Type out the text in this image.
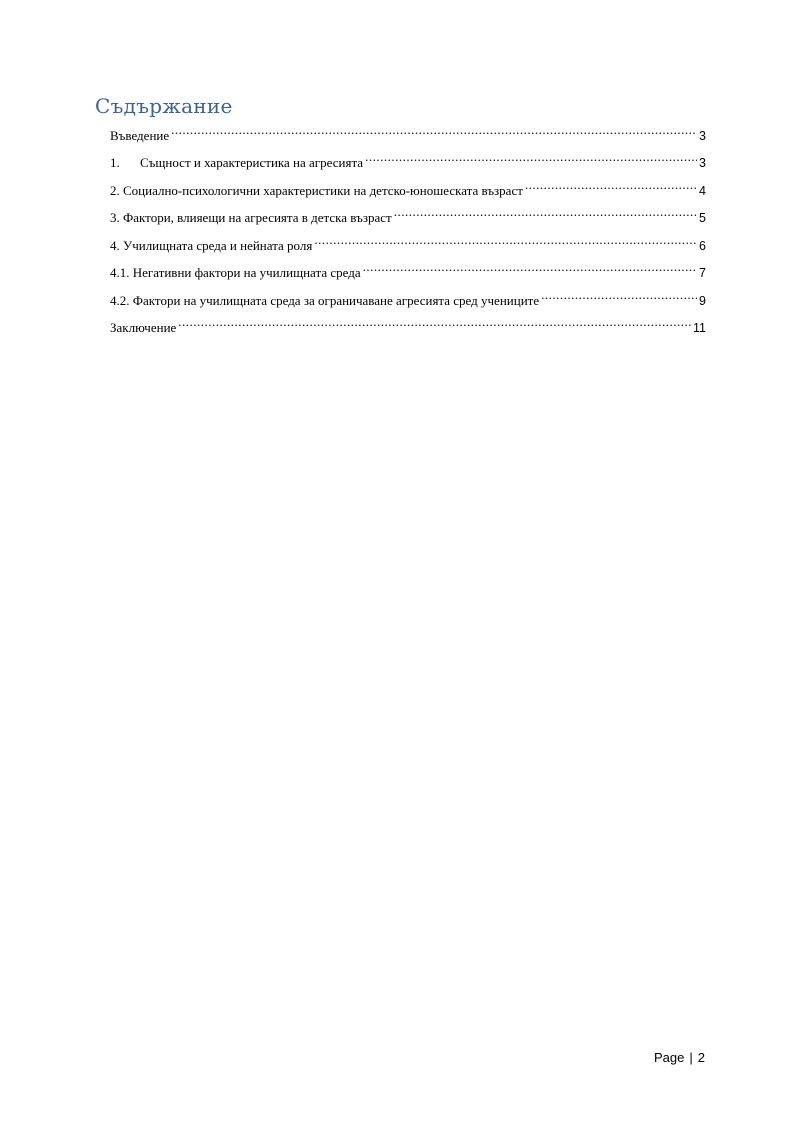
Съдържание
Въведение .....	3
1.	Същност и характеристика на агресията .....	3
2. Социално-психологични характеристики на детско-юношеската възраст .....	4
3. Фактори, влияещи на агресията в детска възраст .....	5
4. Училищната среда и нейната роля .....	6
4.1. Негативни фактори на училищната среда .....	7
4.2. Фактори на училищната среда за ограничаване агресията сред учениците .....	9
Заключение .....	11
Page | 2
